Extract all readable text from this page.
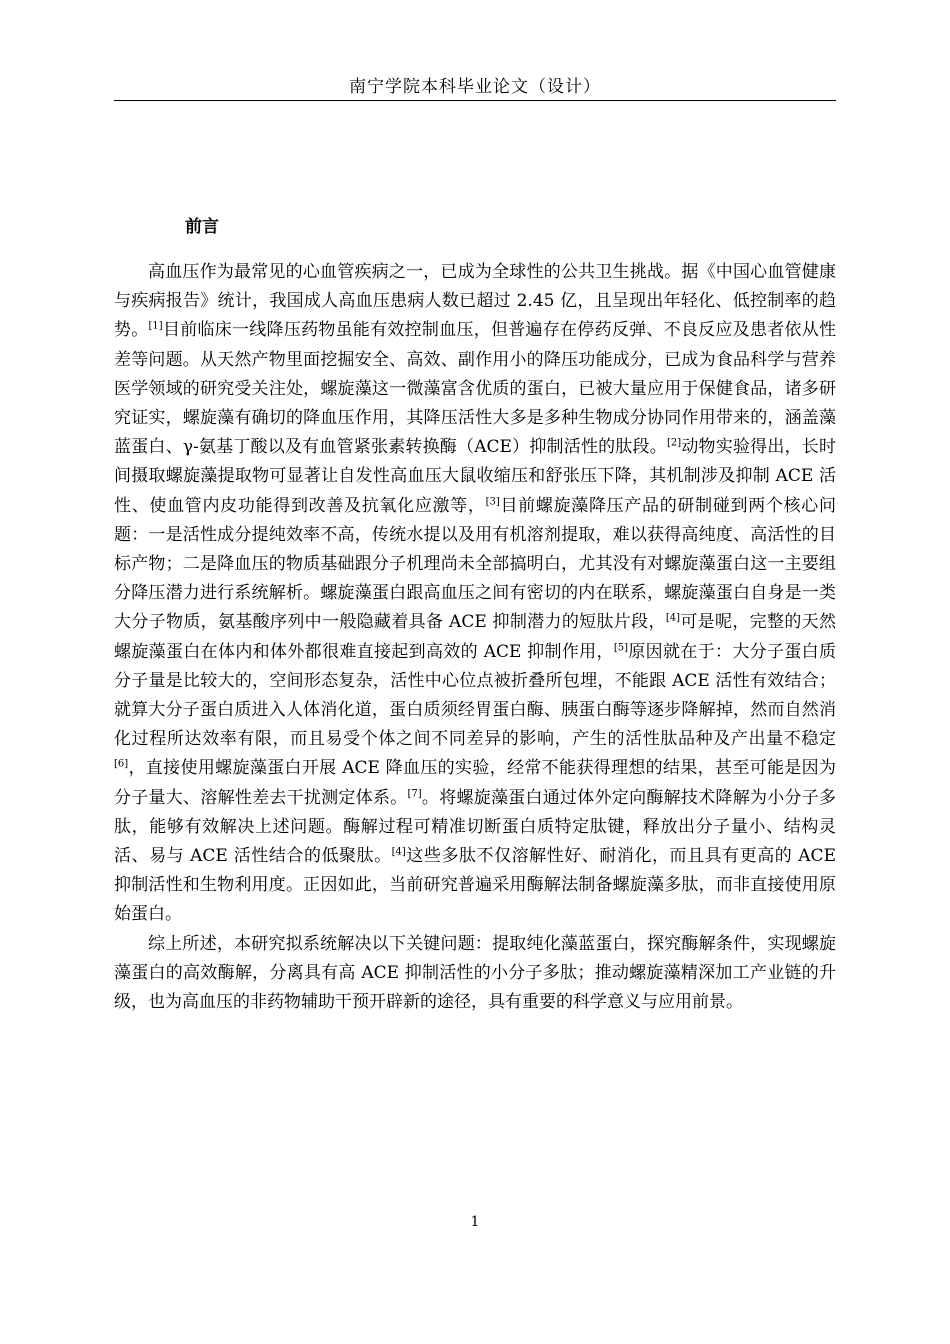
南宁学院本科毕业论文（设计）
前言

高血压作为最常见的心血管疾病之一，已成为全球性的公共卫生挑战。据《中国心血管健康与疾病报告》统计，我国成人高血压患病人数已超过 2.45 亿，且呈现出年轻化、低控制率的趋势。[1]目前临床一线降压药物虽能有效控制血压，但普遍存在停药反弹、不良反应及患者依从性差等问题。从天然产物里面挖掘安全、高效、副作用小的降压功能成分，已成为食品科学与营养医学领域的研究受关注处，螺旋藻这一微藻富含优质的蛋白，已被大量应用于保健食品，诸多研究证实，螺旋藻有确切的降血压作用，其降压活性大多是多种生物成分协同作用带来的，涵盖藻蓝蛋白、γ-氨基丁酸以及有血管紧张素转换酶（ACE）抑制活性的肽段。[2]动物实验得出，长时间摄取螺旋藻提取物可显著让自发性高血压大鼠收缩压和舒张压下降，其机制涉及抑制 ACE 活性、使血管内皮功能得到改善及抗氧化应激等，[3]目前螺旋藻降压产品的研制碰到两个核心问题：一是活性成分提纯效率不高，传统水提以及用有机溶剂提取，难以获得高纯度、高活性的目标产物；二是降血压的物质基础跟分子机理尚未全部搞明白，尤其没有对螺旋藻蛋白这一主要组分降压潜力进行系统解析。螺旋藻蛋白跟高血压之间有密切的内在联系，螺旋藻蛋白自身是一类大分子物质，氨基酸序列中一般隐藏着具备 ACE 抑制潜力的短肽片段，[4]可是呢，完整的天然螺旋藻蛋白在体内和体外都很难直接起到高效的 ACE 抑制作用，[5]原因就在于：大分子蛋白质分子量是比较大的，空间形态复杂，活性中心位点被折叠所包埋，不能跟 ACE 活性有效结合；就算大分子蛋白质进入人体消化道，蛋白质须经胃蛋白酶、胰蛋白酶等逐步降解掉，然而自然消化过程所达效率有限，而且易受个体之间不同差异的影响，产生的活性肽品种及产出量不稳定[6]，直接使用螺旋藻蛋白开展 ACE 降血压的实验，经常不能获得理想的结果，甚至可能是因为分子量大、溶解性差去干扰测定体系。[7]。将螺旋藻蛋白通过体外定向酶解技术降解为小分子多肽，能够有效解决上述问题。酶解过程可精准切断蛋白质特定肽键，释放出分子量小、结构灵活、易与 ACE 活性结合的低聚肽。[4]这些多肽不仅溶解性好、耐消化，而且具有更高的 ACE 抑制活性和生物利用度。正因如此，当前研究普遍采用酶解法制备螺旋藻多肽，而非直接使用原始蛋白。

综上所述，本研究拟系统解决以下关键问题：提取纯化藻蓝蛋白，探究酶解条件，实现螺旋藻蛋白的高效酶解，分离具有高 ACE 抑制活性的小分子多肽；推动螺旋藻精深加工产业链的升级，也为高血压的非药物辅助干预开辟新的途径，具有重要的科学意义与应用前景。

1
